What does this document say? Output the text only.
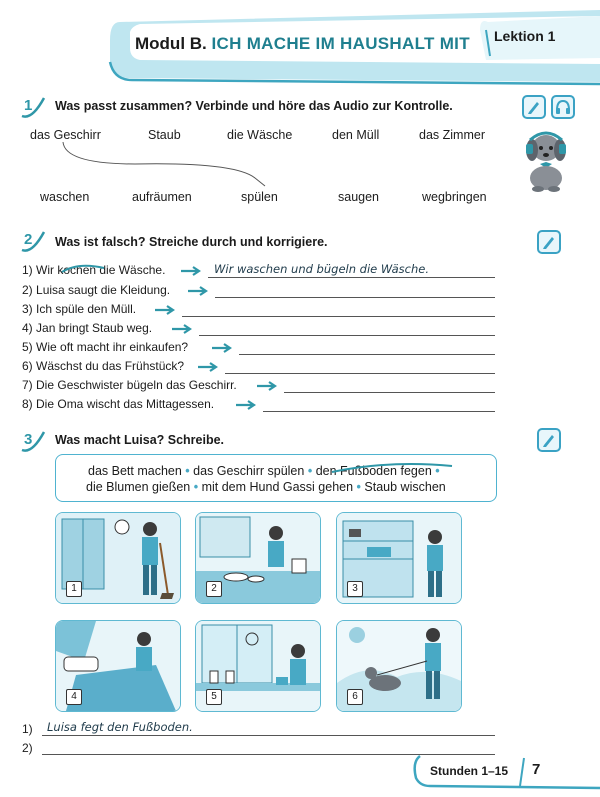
Modul B. ICH MACHE IM HAUSHALT MIT Lektion 1
1	Was passt zusammen? Verbinde und höre das Audio zur Kontrolle.
das Geschirr	Staub	die Wäsche	den Müll	das Zimmer
waschen	aufräumen	spülen	saugen	wegbringen
2	Was ist falsch? Streiche durch und korrigiere.
1) Wir kochen die Wäsche.	Wir waschen und bügeln die Wäsche.
2) Luisa saugt die Kleidung.
3) Ich spüle den Müll.
4) Jan bringt Staub weg.
5) Wie oft macht ihr einkaufen?
6) Wäschst du das Frühstück?
7) Die Geschwister bügeln das Geschirr.
8) Die Oma wischt das Mittagessen.
3	Was macht Luisa? Schreibe.
das Bett machen • das Geschirr spülen • den Fußboden fegen •
die Blumen gießen • mit dem Hund Gassi gehen • Staub wischen
1	2	3
4	5	6
1) Luisa fegt den Fußboden.
2)
Stunden 1–15 7
